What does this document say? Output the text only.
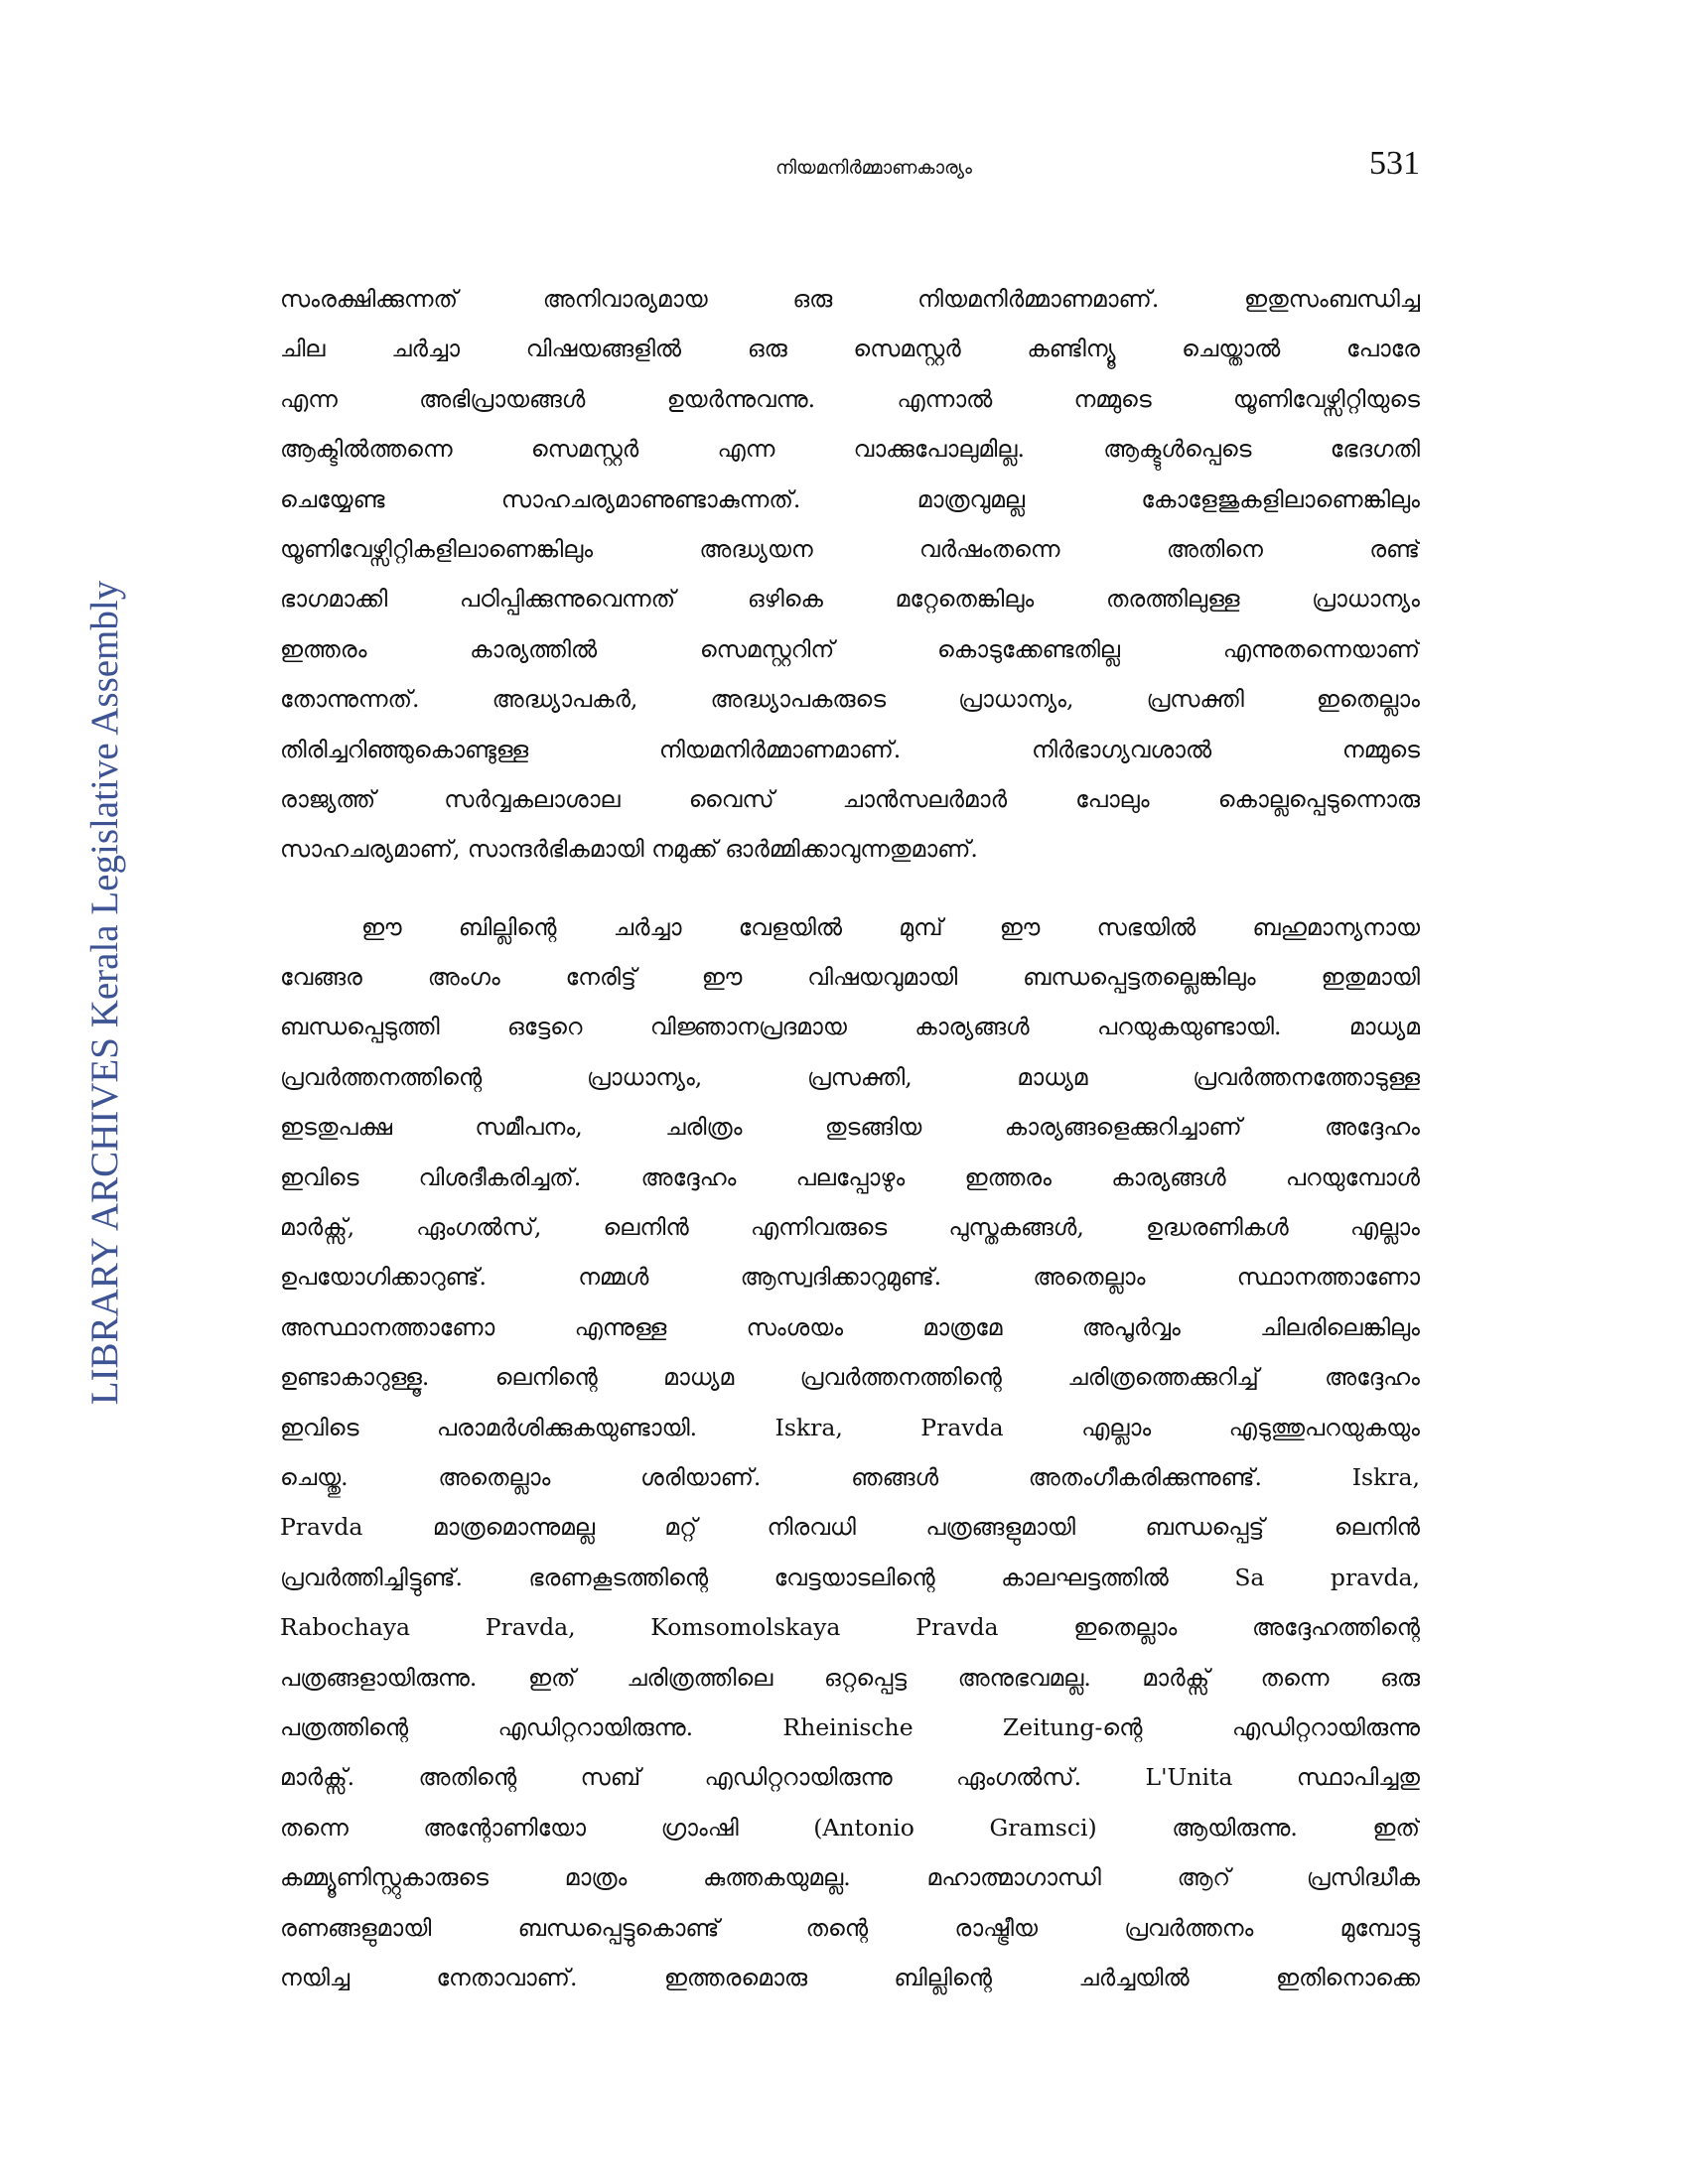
നിയമനിർമ്മാണകാര്യം	531
LIBRARY ARCHIVES Kerala Legislative Assembly
സംരക്ഷിക്കുന്നത് അനിവാര്യമായ ഒരു നിയമനിർമ്മാണമാണ്. ഇതുസംബന്ധിച്ച
ചില ചർച്ചാ വിഷയങ്ങളിൽ ഒരു സെമസ്റ്റർ കണ്ടിന്യൂ ചെയ്താൽ പോരേ
എന്ന അഭിപ്രായങ്ങൾ ഉയർന്നുവന്നു. എന്നാൽ നമ്മുടെ യൂണിവേഴ്സിറ്റിയുടെ
ആക്ടിൽത്തന്നെ സെമസ്റ്റർ എന്ന വാക്കുപോലുമില്ല. ആക്ടുൾപ്പെടെ ഭേദഗതി
ചെയ്യേണ്ട സാഹചര്യമാണുണ്ടാകുന്നത്. മാത്രവുമല്ല കോളേജുകളിലാണെങ്കിലും
യൂണിവേഴ്സിറ്റികളിലാണെങ്കിലും അദ്ധ്യയന വർഷംതന്നെ അതിനെ രണ്ട്
ഭാഗമാക്കി പഠിപ്പിക്കുന്നുവെന്നത് ഒഴികെ മറ്റേതെങ്കിലും തരത്തിലുള്ള പ്രാധാന്യം
ഇത്തരം കാര്യത്തിൽ സെമസ്റ്ററിന് കൊടുക്കേണ്ടതില്ല എന്നുതന്നെയാണ്
തോന്നുന്നത്. അദ്ധ്യാപകർ, അദ്ധ്യാപകരുടെ പ്രാധാന്യം, പ്രസക്തി ഇതെല്ലാം
തിരിച്ചറിഞ്ഞുകൊണ്ടുള്ള നിയമനിർമ്മാണമാണ്. നിർഭാഗ്യവശാൽ നമ്മുടെ
രാജ്യത്ത് സർവ്വകലാശാല വൈസ് ചാൻസലർമാർ പോലും കൊല്ലപ്പെടുന്നൊരു
സാഹചര്യമാണ്, സാന്ദർഭികമായി നമുക്ക് ഓർമ്മിക്കാവുന്നതുമാണ്.
ഈ ബില്ലിന്റെ ചർച്ചാ വേളയിൽ മുമ്പ് ഈ സഭയിൽ ബഹുമാന്യനായ
വേങ്ങര അംഗം നേരിട്ട് ഈ വിഷയവുമായി ബന്ധപ്പെട്ടതല്ലെങ്കിലും ഇതുമായി
ബന്ധപ്പെടുത്തി ഒട്ടേറെ വിജ്ഞാനപ്രദമായ കാര്യങ്ങൾ പറയുകയുണ്ടായി. മാധ്യമ
പ്രവർത്തനത്തിന്റെ പ്രാധാന്യം, പ്രസക്തി, മാധ്യമ പ്രവർത്തനത്തോടുള്ള
ഇടതുപക്ഷ സമീപനം, ചരിത്രം തുടങ്ങിയ കാര്യങ്ങളെക്കുറിച്ചാണ് അദ്ദേഹം
ഇവിടെ വിശദീകരിച്ചത്. അദ്ദേഹം പലപ്പോഴും ഇത്തരം കാര്യങ്ങൾ പറയുമ്പോൾ
മാർക്സ്, ഏംഗൽസ്, ലെനിൻ എന്നിവരുടെ പുസ്തകങ്ങൾ, ഉദ്ധരണികൾ എല്ലാം
ഉപയോഗിക്കാറുണ്ട്. നമ്മൾ ആസ്വദിക്കാറുമുണ്ട്. അതെല്ലാം സ്ഥാനത്താണോ
അസ്ഥാനത്താണോ എന്നുള്ള സംശയം മാത്രമേ അപൂർവ്വം ചിലരിലെങ്കിലും
ഉണ്ടാകാറുള്ളൂ. ലെനിന്റെ മാധ്യമ പ്രവർത്തനത്തിന്റെ ചരിത്രത്തെക്കുറിച്ച് അദ്ദേഹം
ഇവിടെ പരാമർശിക്കുകയുണ്ടായി. Iskra, Pravda എല്ലാം എടുത്തുപറയുകയും
ചെയ്തു. അതെല്ലാം ശരിയാണ്. ഞങ്ങൾ അതംഗീകരിക്കുന്നുണ്ട്. Iskra,
Pravda മാത്രമൊന്നുമല്ല മറ്റ് നിരവധി പത്രങ്ങളുമായി ബന്ധപ്പെട്ട് ലെനിൻ
പ്രവർത്തിച്ചിട്ടുണ്ട്. ഭരണകൂടത്തിന്റെ വേട്ടയാടലിന്റെ കാലഘട്ടത്തിൽ Sa pravda,
Rabochaya Pravda, Komsomolskaya Pravda ഇതെല്ലാം അദ്ദേഹത്തിന്റെ
പത്രങ്ങളായിരുന്നു. ഇത് ചരിത്രത്തിലെ ഒറ്റപ്പെട്ട അനുഭവമല്ല. മാർക്സ് തന്നെ ഒരു
പത്രത്തിന്റെ എഡിറ്ററായിരുന്നു. Rheinische Zeitung-ന്റെ എഡിറ്ററായിരുന്നു
മാർക്സ്. അതിന്റെ സബ് എഡിറ്ററായിരുന്നു ഏംഗൽസ്. L'Unita സ്ഥാപിച്ചതു
തന്നെ അന്റോണിയോ ഗ്രാംഷി (Antonio Gramsci) ആയിരുന്നു. ഇത്
കമ്മ്യൂണിസ്റ്റുകാരുടെ മാത്രം കുത്തകയുമല്ല. മഹാത്മാഗാന്ധി ആറ് പ്രസിദ്ധീക
രണങ്ങളുമായി ബന്ധപ്പെട്ടുകൊണ്ട് തന്റെ രാഷ്ട്രീയ പ്രവർത്തനം മുമ്പോട്ടു
നയിച്ച നേതാവാണ്. ഇത്തരമൊരു ബില്ലിന്റെ ചർച്ചയിൽ ഇതിനൊക്കെ
